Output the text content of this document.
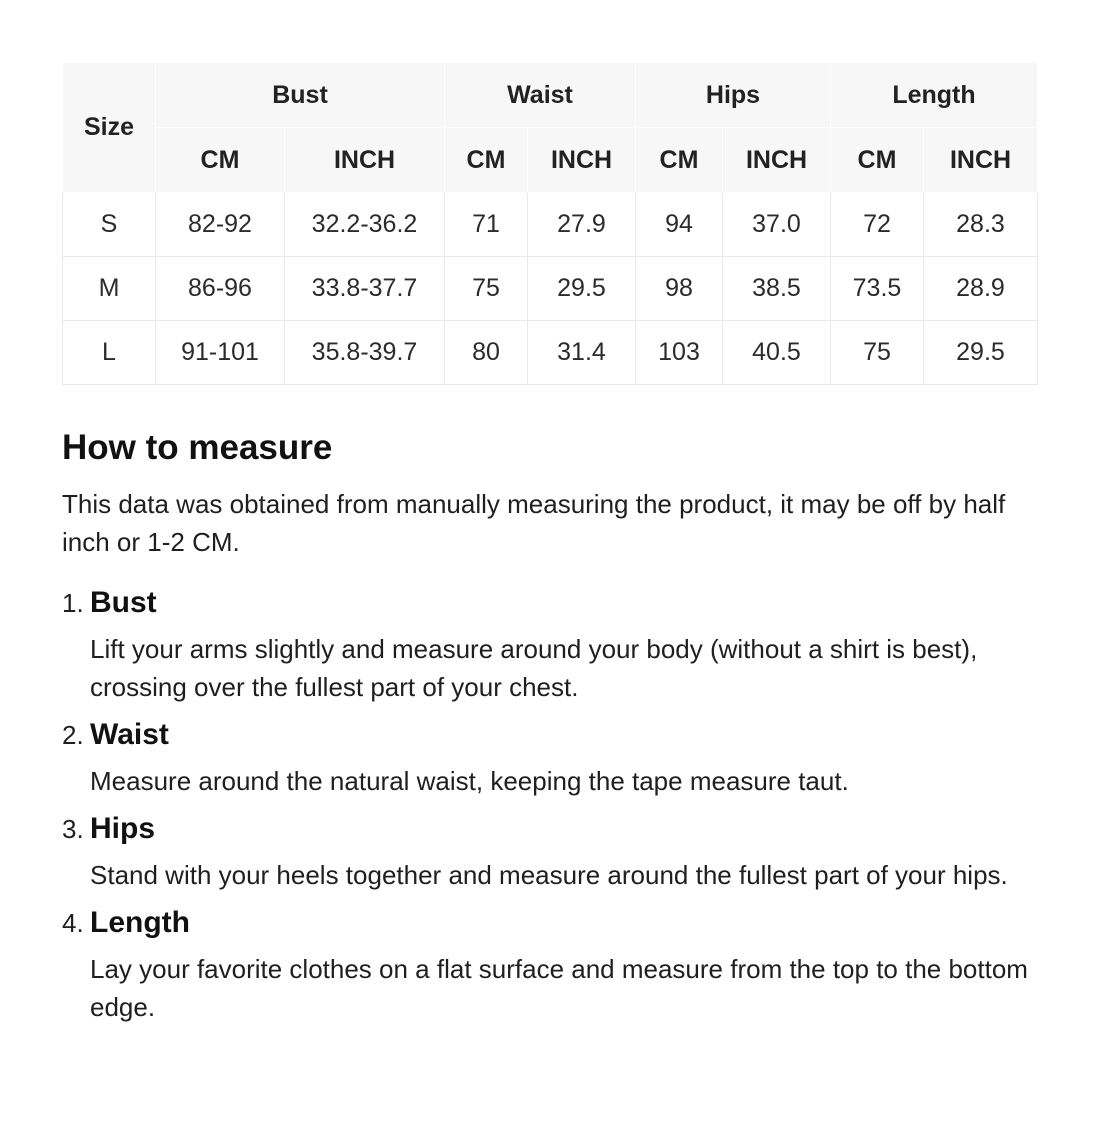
Size	Bust		Waist		Hips		Length	
	CM	INCH	CM	INCH	CM	INCH	CM	INCH
S	82-92	32.2-36.2	71	27.9	94	37.0	72	28.3
M	86-96	33.8-37.7	75	29.5	98	38.5	73.5	28.9
L	91-101	35.8-39.7	80	31.4	103	40.5	75	29.5
How to measure

This data was obtained from manually measuring the product, it may be off by half inch or 1-2 CM.

1. Bust

Lift your arms slightly and measure around your body (without a shirt is best), crossing over the fullest part of your chest.

2. Waist

Measure around the natural waist, keeping the tape measure taut.

3. Hips

Stand with your heels together and measure around the fullest part of your hips.

4. Length

Lay your favorite clothes on a flat surface and measure from the top to the bottom edge.
